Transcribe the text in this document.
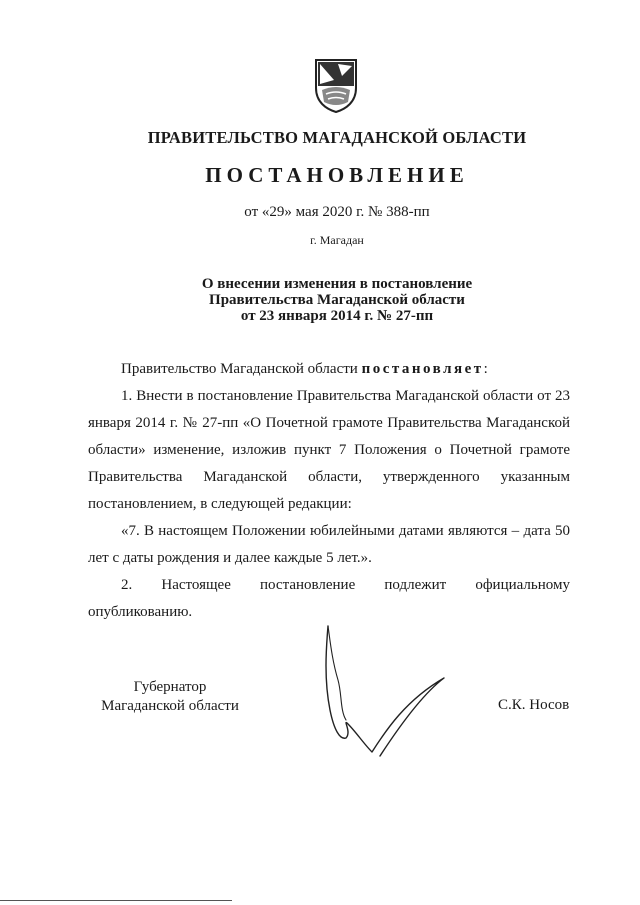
ПРАВИТЕЛЬСТВО МАГАДАНСКОЙ ОБЛАСТИ
ПОСТАНОВЛЕНИЕ
от «29» мая 2020 г. № 388-пп
г. Магадан
О внесении изменения в постановление
Правительства Магаданской области
от 23 января 2014 г. № 27-пп

Правительство Магаданской области постановляет:

1. Внести в постановление Правительства Магаданской области от 23 января 2014 г. № 27-пп «О Почетной грамоте Правительства Магаданской области» изменение, изложив пункт 7 Положения о Почетной грамоте Правительства Магаданской области, утвержденного указанным постановлением, в следующей редакции:

«7. В настоящем Положении юбилейными датами являются – дата 50 лет с даты рождения и далее каждые 5 лет.».

2. Настоящее постановление подлежит официальному

опубликованию.

Губернатор
Магаданской области	С.К. Носов
